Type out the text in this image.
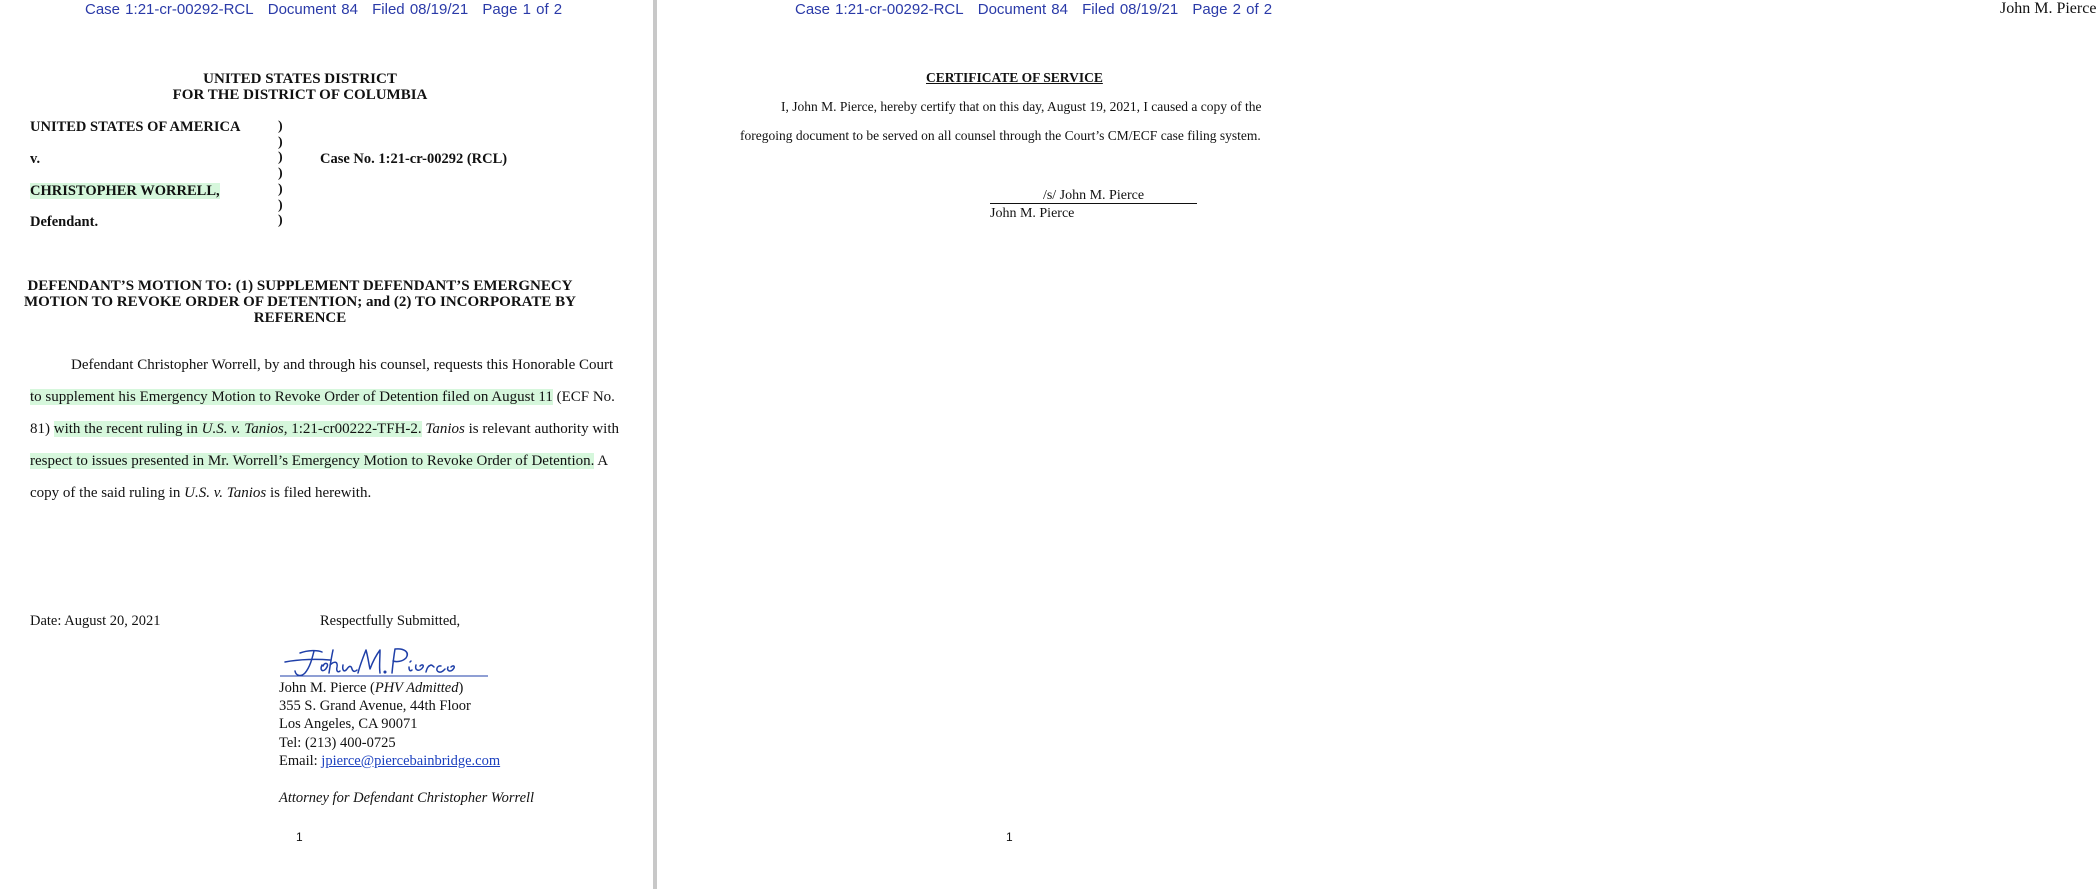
Case 1:21-cr-00292-RCL Document 84 Filed 08/19/21 Page 1 of 2
UNITED STATES DISTRICT
FOR THE DISTRICT OF COLUMBIA
UNITED STATES OF AMERICA
v.
CHRISTOPHER WORRELL,
Defendant.
)
)
)
)
)
)
)
Case No. 1:21-cr-00292 (RCL)
DEFENDANT’S MOTION TO: (1) SUPPLEMENT DEFENDANT’S EMERGNECY
MOTION TO REVOKE ORDER OF DETENTION; and (2) TO INCORPORATE BY
REFERENCE
Defendant Christopher Worrell, by and through his counsel, requests this Honorable Court
to supplement his Emergency Motion to Revoke Order of Detention filed on August 11 (ECF No.
81) with the recent ruling in U.S. v. Tanios, 1:21-cr00222-TFH-2. Tanios is relevant authority with
respect to issues presented in Mr. Worrell’s Emergency Motion to Revoke Order of Detention. A
copy of the said ruling in U.S. v. Tanios is filed herewith.
Date: August 20, 2021	Respectfully Submitted,
John M. Pierce
John M. Pierce (PHV Admitted)
355 S. Grand Avenue, 44th Floor
Los Angeles, CA 90071
Tel: (213) 400-0725
Email: jpierce@piercebainbridge.com
Attorney for Defendant Christopher Worrell
1
Case 1:21-cr-00292-RCL Document 84 Filed 08/19/21 Page 2 of 2
CERTIFICATE OF SERVICE
I, John M. Pierce, hereby certify that on this day, August 19, 2021, I caused a copy of the
foregoing document to be served on all counsel through the Court’s CM/ECF case filing system.
/s/ John M. Pierce
John M. Pierce
1
